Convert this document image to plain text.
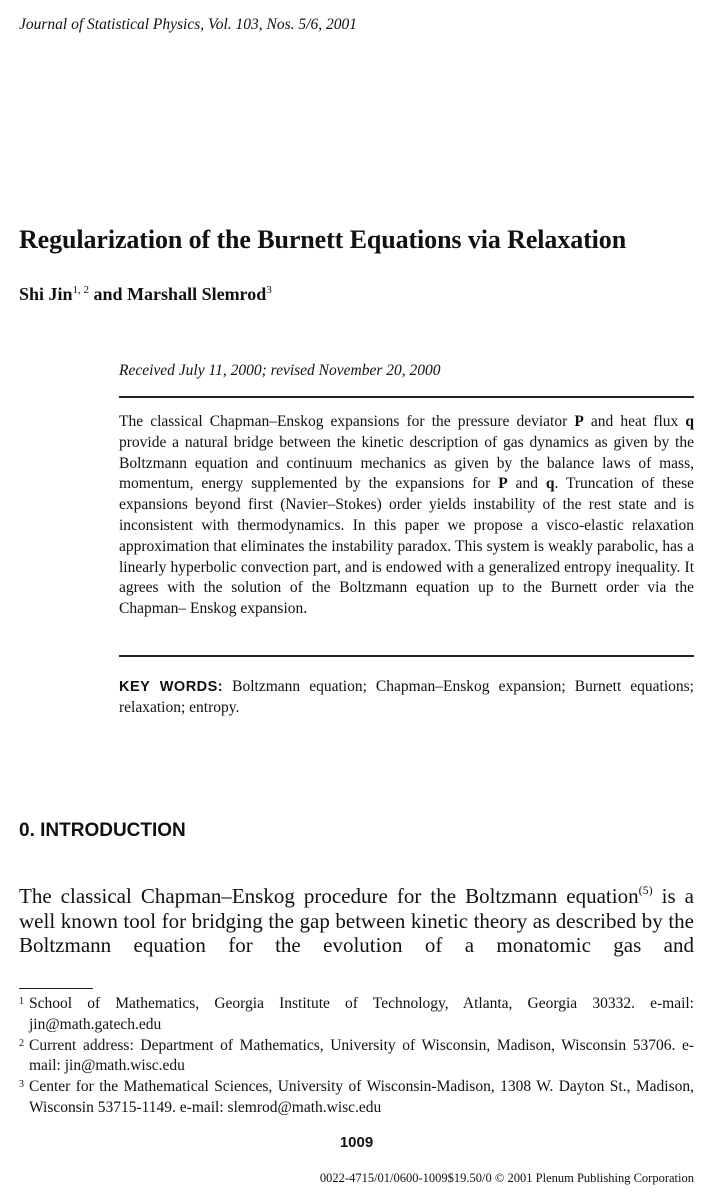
Journal of Statistical Physics, Vol. 103, Nos. 5/6, 2001
Regularization of the Burnett Equations via Relaxation
Shi Jin$^{1, 2}$ and Marshall Slemrod$^3$
Received July 11, 2000; revised November 20, 2000
The classical Chapman–Enskog expansions for the pressure deviator P and heat flux q provide a natural bridge between the kinetic description of gas dynamics as given by the Boltzmann equation and continuum mechanics as given by the balance laws of mass, momentum, energy supplemented by the expansions for P and q. Truncation of these expansions beyond first (Navier–Stokes) order yields instability of the rest state and is inconsistent with thermodynamics. In this paper we propose a visco-elastic relaxation approximation that eliminates the instability paradox. This system is weakly parabolic, has a linearly hyperbolic convection part, and is endowed with a generalized entropy inequality. It agrees with the solution of the Boltzmann equation up to the Burnett order via the Chapman– Enskog expansion.
KEY WORDS: Boltzmann equation; Chapman–Enskog expansion; Burnett equations; relaxation; entropy.
0. INTRODUCTION
The classical Chapman–Enskog procedure for the Boltzmann equation$^{(5)}$ is a well known tool for bridging the gap between kinetic theory as described by the Boltzmann equation for the evolution of a monatomic gas and
1 School of Mathematics, Georgia Institute of Technology, Atlanta, Georgia 30332. e-mail: jin@math.gatech.edu
2 Current address: Department of Mathematics, University of Wisconsin, Madison, Wisconsin 53706. e-mail: jin@math.wisc.edu
3 Center for the Mathematical Sciences, University of Wisconsin-Madison, 1308 W. Dayton St., Madison, Wisconsin 53715-1149. e-mail: slemrod@math.wisc.edu
1009
0022-4715/01/0600-1009$19.50/0 © 2001 Plenum Publishing Corporation
